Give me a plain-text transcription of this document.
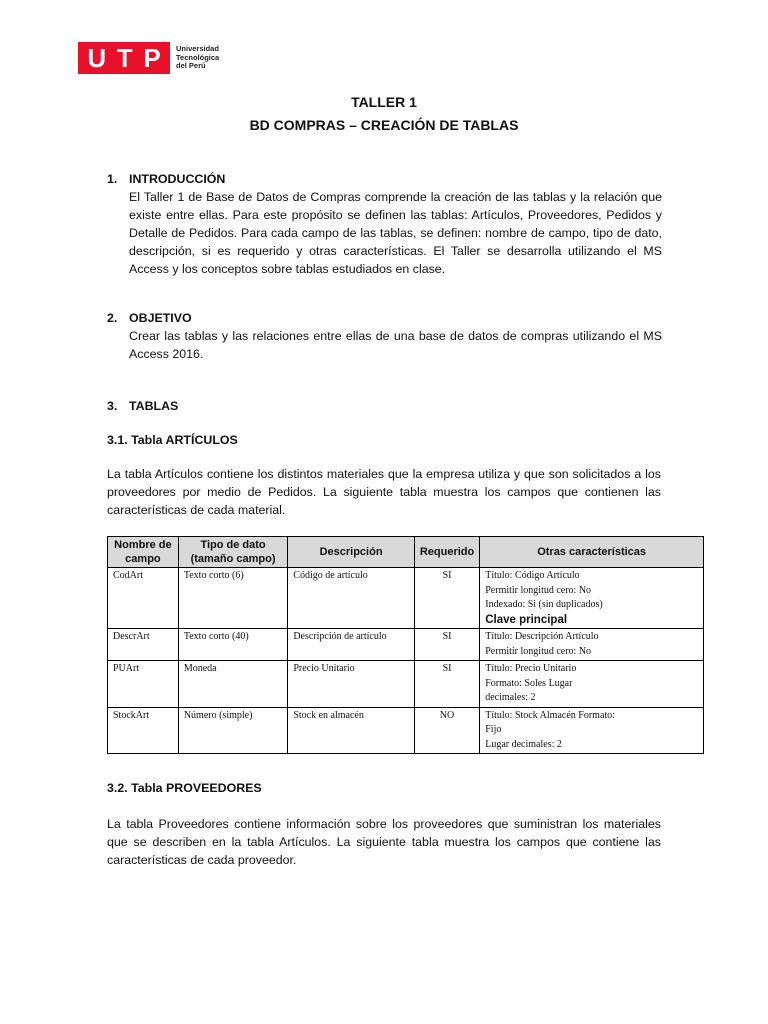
U T P Universidad
Tecnológica
del Perú
TALLER 1
BD COMPRAS – CREACIÓN DE TABLAS
1. INTRODUCCIÓN
El Taller 1 de Base de Datos de Compras comprende la creación de las tablas y la relación que existe entre ellas. Para este propósito se definen las tablas: Artículos, Proveedores, Pedidos y Detalle de Pedidos. Para cada campo de las tablas, se definen: nombre de campo, tipo de dato, descripción, si es requerido y otras características. El Taller se desarrolla utilizando el MS Access y los conceptos sobre tablas estudiados en clase.
2. OBJETIVO
Crear las tablas y las relaciones entre ellas de una base de datos de compras utilizando el MS Access 2016.
3. TABLAS
3.1. Tabla ARTÍCULOS
La tabla Artículos contiene los distintos materiales que la empresa utiliza y que son solicitados a los proveedores por medio de Pedidos. La siguiente tabla muestra los campos que contienen las características de cada material.
Nombre de campo	Tipo de dato (tamaño campo)	Descripción	Requerido	Otras características
CodArt	Texto corto (6)	Código de artículo	SI	Título: Código Artículo
Permitir longitud cero: No
Indexado: Si (sin duplicados)
Clave principal

DescrArt	Texto corto (40)	Descripción de artículo	SI	Título: Descripción Artículo
Permitir longitud cero: No

PUArt	Moneda	Precio Unitario	SI	Título: Precio Unitario
Formato: Soles Lugar
decimales: 2

StockArt	Número (simple)	Stock en almacén	NO	Título: Stock Almacén Formato:
Fijo
Lugar decimales: 2
3.2. Tabla PROVEEDORES
La tabla Proveedores contiene información sobre los proveedores que suministran los materiales que se describen en la tabla Artículos. La siguiente tabla muestra los campos que contiene las características de cada proveedor.
